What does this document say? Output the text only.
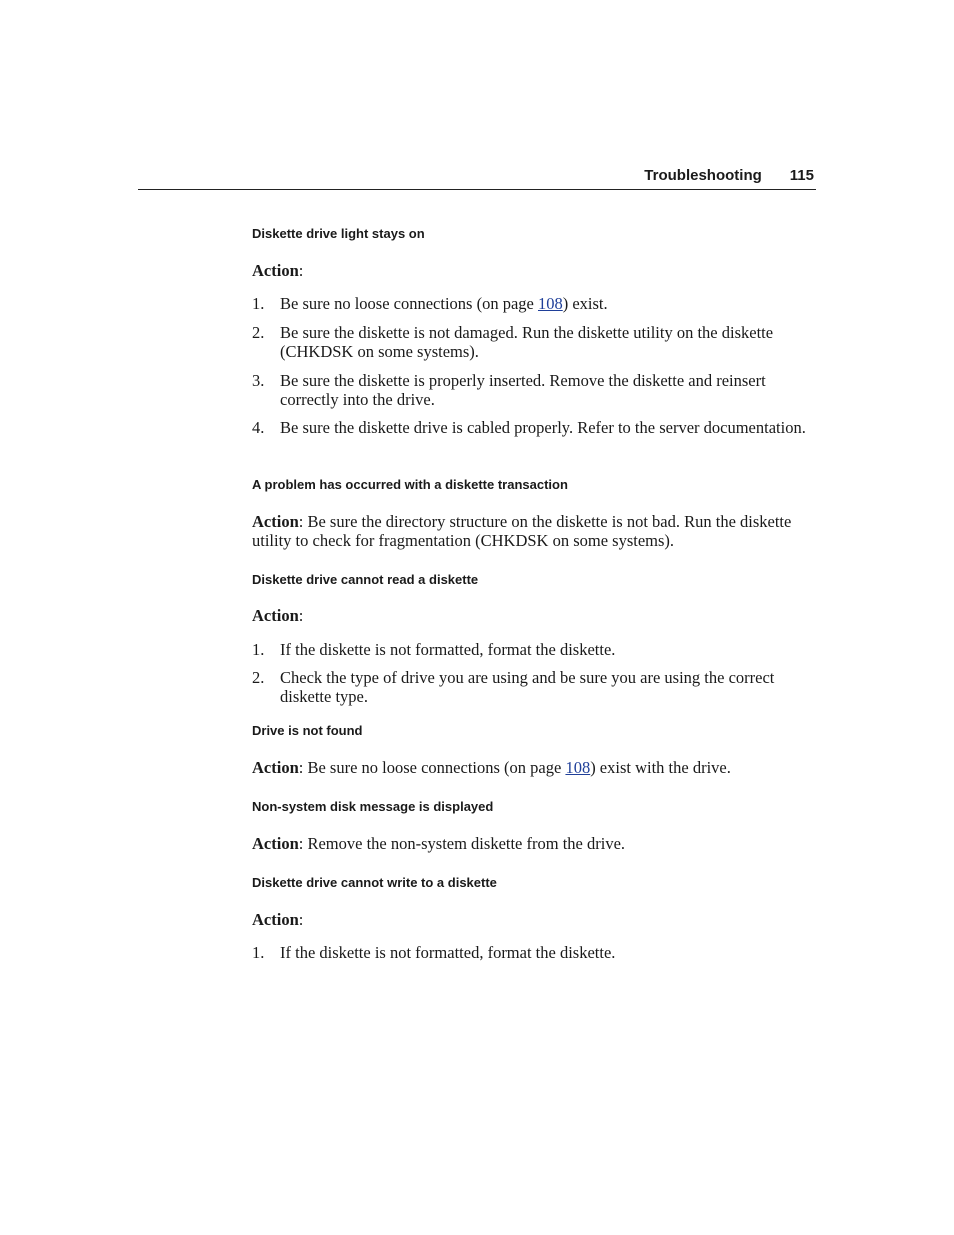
Troubleshooting 115
Diskette drive light stays on
Action:
1. Be sure no loose connections (on page 108) exist.
2. Be sure the diskette is not damaged. Run the diskette utility on the diskette (CHKDSK on some systems).
3. Be sure the diskette is properly inserted. Remove the diskette and reinsert correctly into the drive.
4. Be sure the diskette drive is cabled properly. Refer to the server documentation.
A problem has occurred with a diskette transaction
Action: Be sure the directory structure on the diskette is not bad. Run the diskette utility to check for fragmentation (CHKDSK on some systems).
Diskette drive cannot read a diskette
Action:
1. If the diskette is not formatted, format the diskette.
2. Check the type of drive you are using and be sure you are using the correct diskette type.
Drive is not found
Action: Be sure no loose connections (on page 108) exist with the drive.
Non-system disk message is displayed
Action: Remove the non-system diskette from the drive.
Diskette drive cannot write to a diskette
Action:
1. If the diskette is not formatted, format the diskette.
